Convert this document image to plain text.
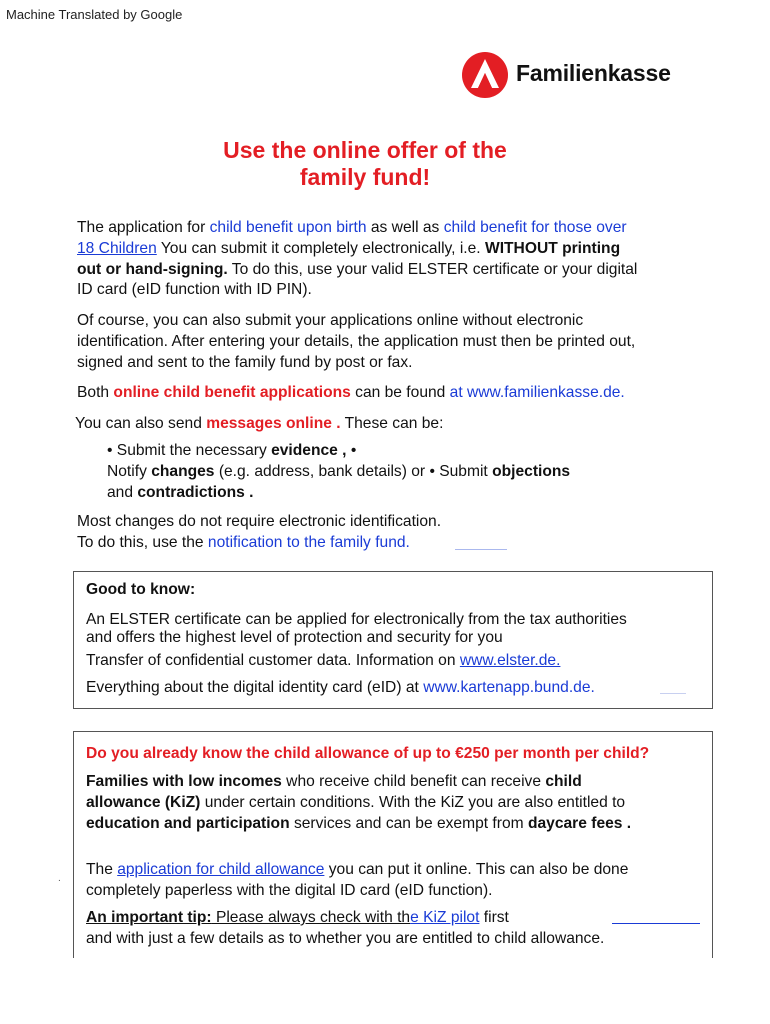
Machine Translated by Google
Familienkasse
Use the online offer of the
family fund!
The application for child benefit upon birth as well as child benefit for those over
18 Children You can submit it completely electronically, i.e. WITHOUT printing
out or hand-signing. To do this, use your valid ELSTER certificate or your digital
ID card (eID function with ID PIN).
Of course, you can also submit your applications online without electronic
identification. After entering your details, the application must then be printed out,
signed and sent to the family fund by post or fax.
Both online child benefit applications can be found at www.familienkasse.de.
You can also send messages online . These can be:
• Submit the necessary evidence , •
Notify changes (e.g. address, bank details) or • Submit objections
and contradictions .
Most changes do not require electronic identification.
To do this, use the notification to the family fund.
Good to know:
An ELSTER certificate can be applied for electronically from the tax authorities
and offers the highest level of protection and security for you
Transfer of confidential customer data. Information on www.elster.de.
Everything about the digital identity card (eID) at www.kartenapp.bund.de.
Do you already know the child allowance of up to €250 per month per child?
Families with low incomes who receive child benefit can receive child
allowance (KiZ) under certain conditions. With the KiZ you are also entitled to
education and participation services and can be exempt from daycare fees .
The application for child allowance you can put it online. This can also be done
completely paperless with the digital ID card (eID function).
An important tip: Please always check with the KiZ pilot first
and with just a few details as to whether you are entitled to child allowance.
.
